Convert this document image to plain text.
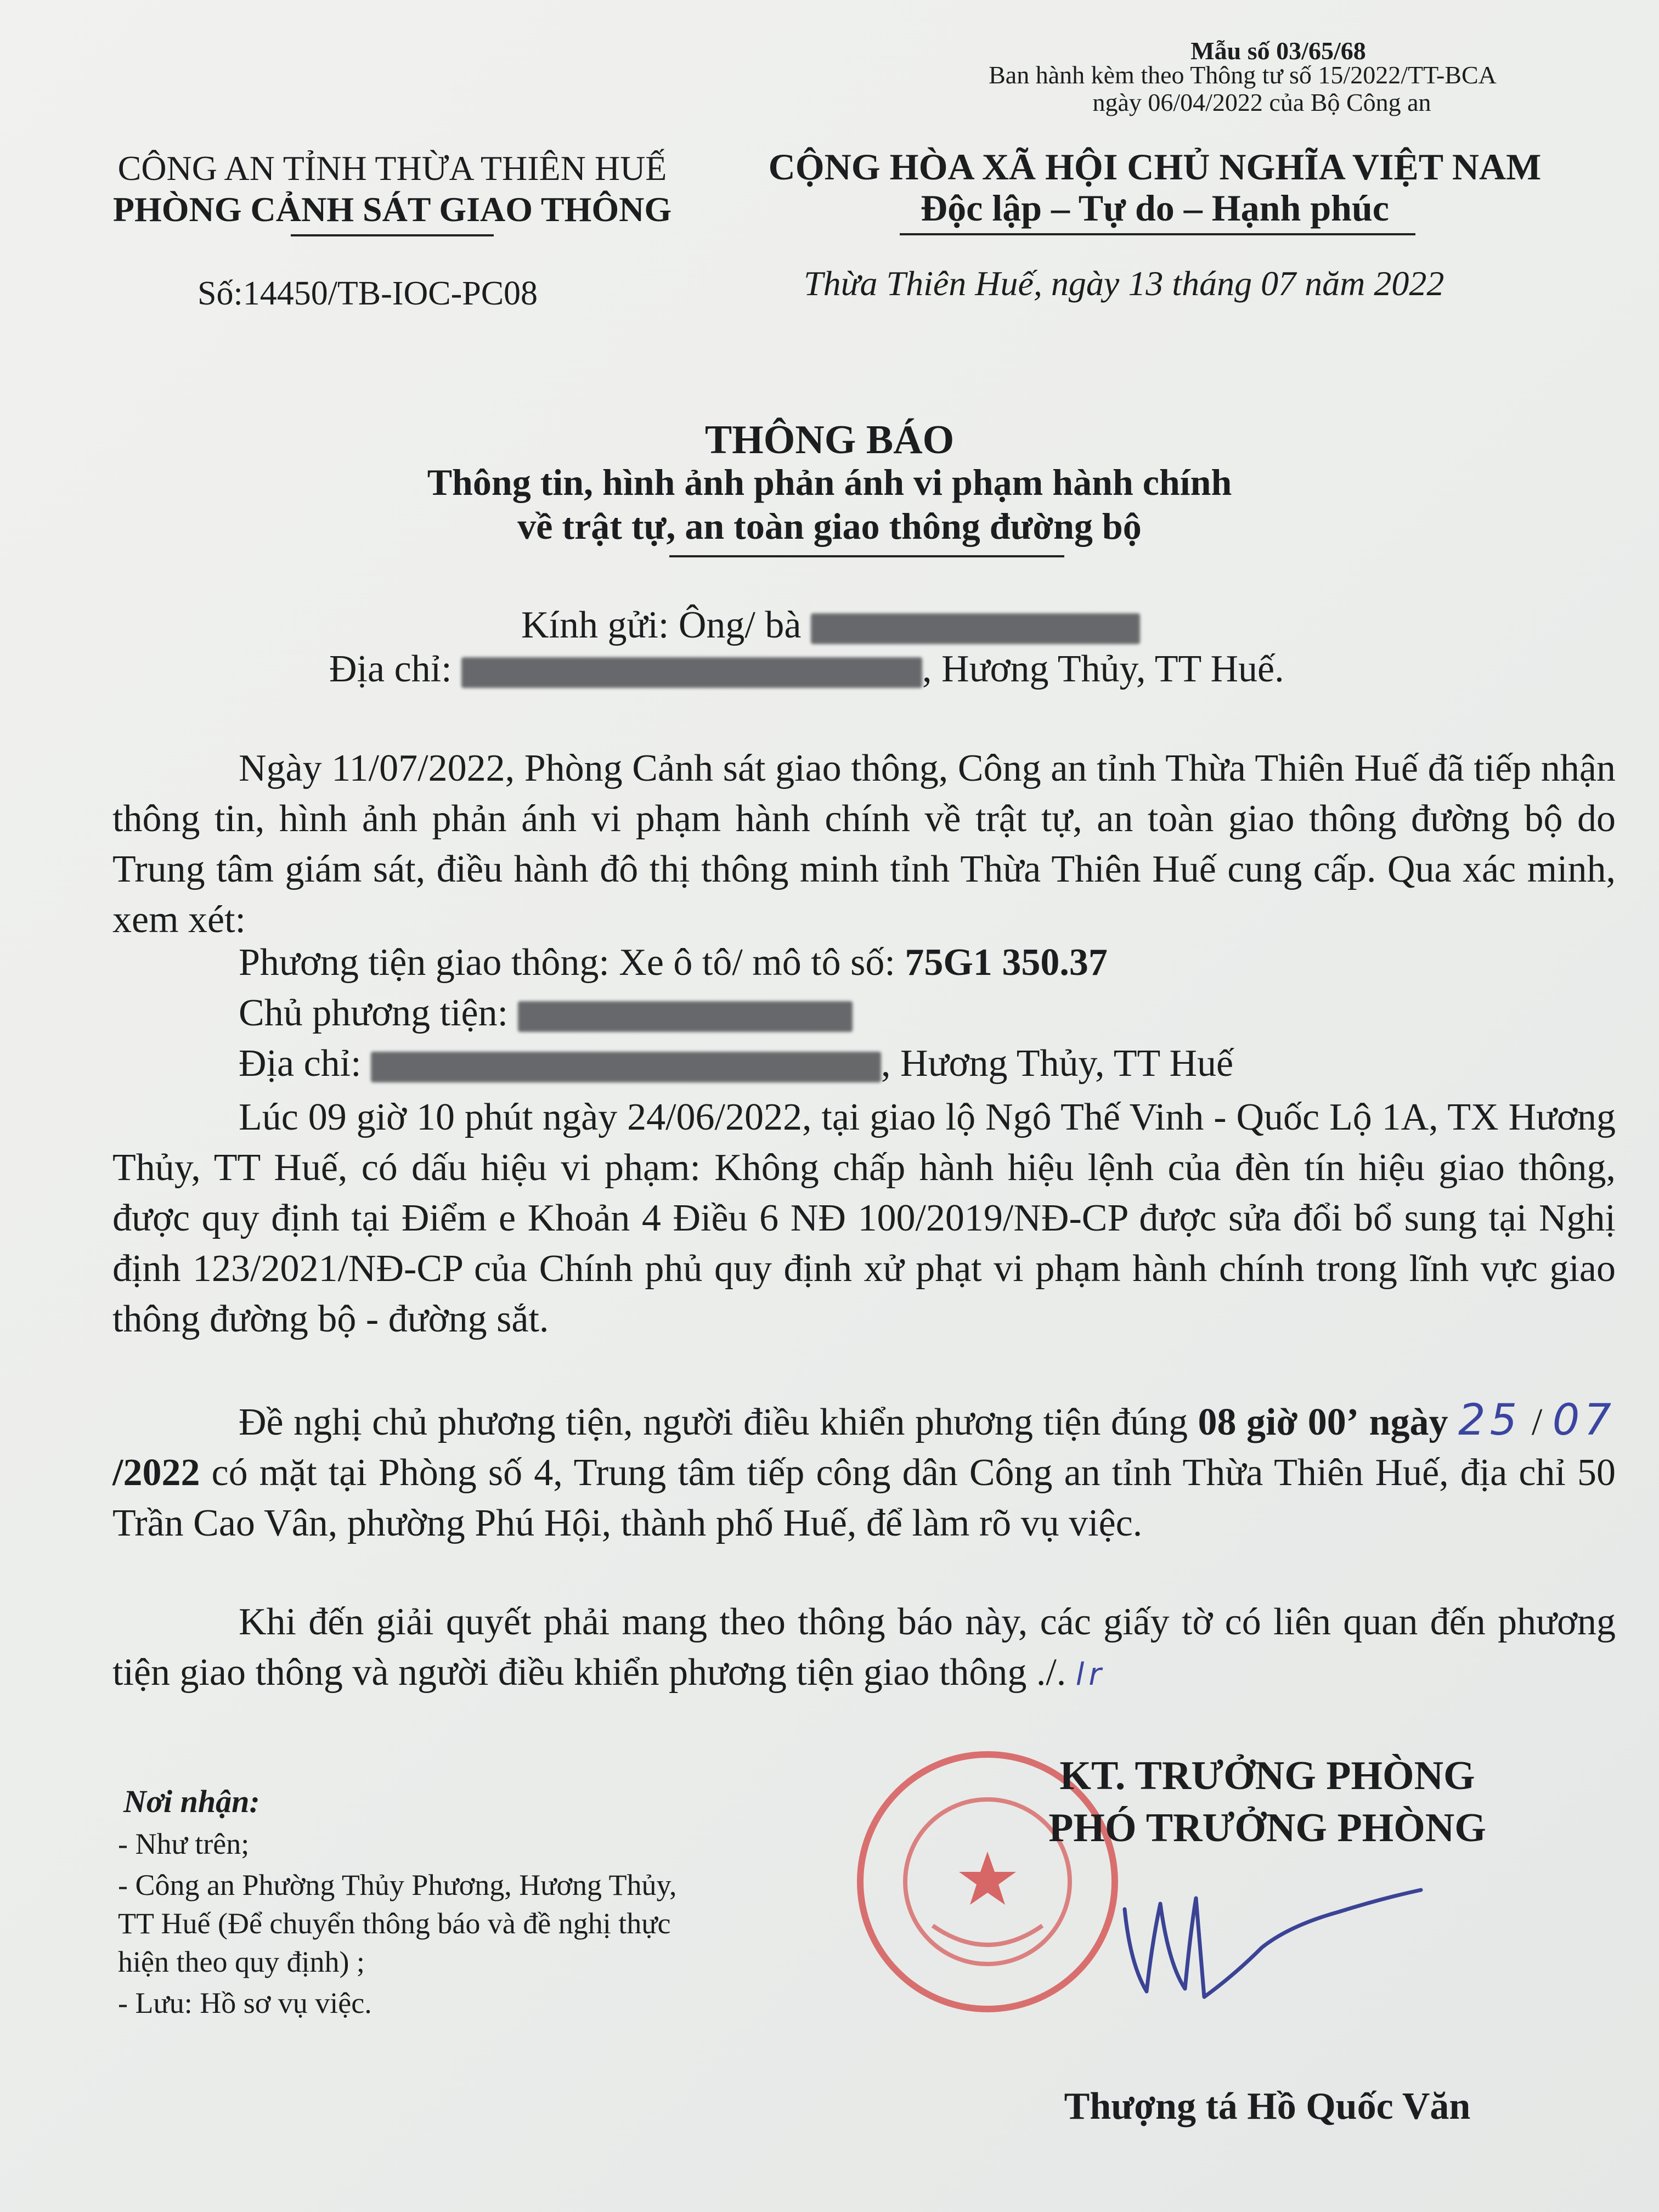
Mẫu số 03/65/68
Ban hành kèm theo Thông tư số 15/2022/TT-BCA
ngày 06/04/2022 của Bộ Công an
CÔNG AN TỈNH THỪA THIÊN HUẾ
PHÒNG CẢNH SÁT GIAO THÔNG
CỘNG HÒA XÃ HỘI CHỦ NGHĨA VIỆT NAM
Độc lập – Tự do – Hạnh phúc
Số:14450/TB-IOC-PC08	Thừa Thiên Huế, ngày 13 tháng 07 năm 2022
THÔNG BÁO
Thông tin, hình ảnh phản ánh vi phạm hành chính
về trật tự, an toàn giao thông đường bộ
Kính gửi: Ông/ bà
Địa chỉ:	, Hương Thủy, TT Huế.
Ngày 11/07/2022, Phòng Cảnh sát giao thông, Công an tỉnh Thừa Thiên Huế đã tiếp nhận thông tin, hình ảnh phản ánh vi phạm hành chính về trật tự, an toàn giao thông đường bộ do Trung tâm giám sát, điều hành đô thị thông minh tỉnh Thừa Thiên Huế cung cấp. Qua xác minh, xem xét:
Phương tiện giao thông: Xe ô tô/ mô tô số: 75G1 350.37
Chủ phương tiện:
Địa chỉ:	, Hương Thủy, TT Huế
Lúc 09 giờ 10 phút ngày 24/06/2022, tại giao lộ Ngô Thế Vinh - Quốc Lộ 1A, TX Hương Thủy, TT Huế, có dấu hiệu vi phạm: Không chấp hành hiệu lệnh của đèn tín hiệu giao thông, được quy định tại Điểm e Khoản 4 Điều 6 NĐ 100/2019/NĐ-CP được sửa đổi bổ sung tại Nghị định 123/2021/NĐ-CP của Chính phủ quy định xử phạt vi phạm hành chính trong lĩnh vực giao thông đường bộ - đường sắt.
Đề nghị chủ phương tiện, người điều khiển phương tiện đúng 08 giờ 00’ ngày 25 / 07 /2022 có mặt tại Phòng số 4, Trung tâm tiếp công dân Công an tỉnh Thừa Thiên Huế, địa chỉ 50 Trần Cao Vân, phường Phú Hội, thành phố Huế, để làm rõ vụ việc.
Khi đến giải quyết phải mang theo thông báo này, các giấy tờ có liên quan đến phương tiện giao thông và người điều khiển phương tiện giao thông ./. lr
Nơi nhận:
- Như trên;
- Công an Phường Thủy Phương, Hương Thủy,
TT Huế (Để chuyển thông báo và đề nghị thực
hiện theo quy định) ;
- Lưu: Hồ sơ vụ việc.
KT. TRƯỞNG PHÒNG
PHÓ TRƯỞNG PHÒNG
Thượng tá Hồ Quốc Văn
